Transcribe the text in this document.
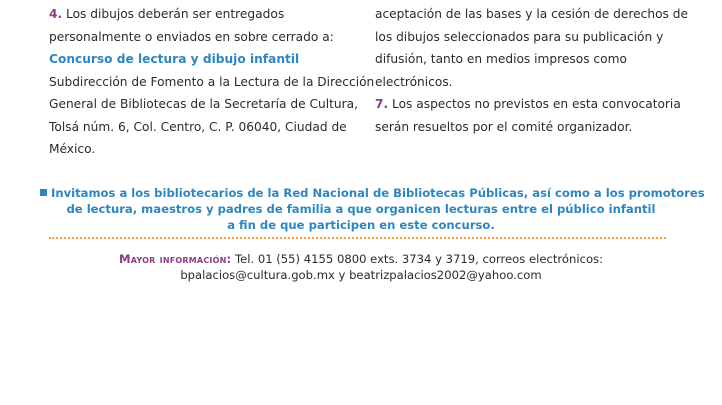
4. Los dibujos deberán ser entregados
personalmente o enviados en sobre cerrado a:
Concurso de lectura y dibujo infantil
Subdirección de Fomento a la Lectura de la Dirección
General de Bibliotecas de la Secretaría de Cultura,
Tolsá núm. 6, Col. Centro, C. P. 06040, Ciudad de
México.
aceptación de las bases y la cesión de derechos de
los dibujos seleccionados para su publicación y
difusión, tanto en medios impresos como
electrónicos.
7. Los aspectos no previstos en esta convocatoria
serán resueltos por el comité organizador.
Invitamos a los bibliotecarios de la Red Nacional de Bibliotecas Públicas, así como a los promotores
de lectura, maestros y padres de familia a que organicen lecturas entre el público infantil
a fin de que participen en este concurso.
Mayor información: Tel. 01 (55) 4155 0800 exts. 3734 y 3719, correos electrónicos:
bpalacios@cultura.gob.mx y beatrizpalacios2002@yahoo.com
